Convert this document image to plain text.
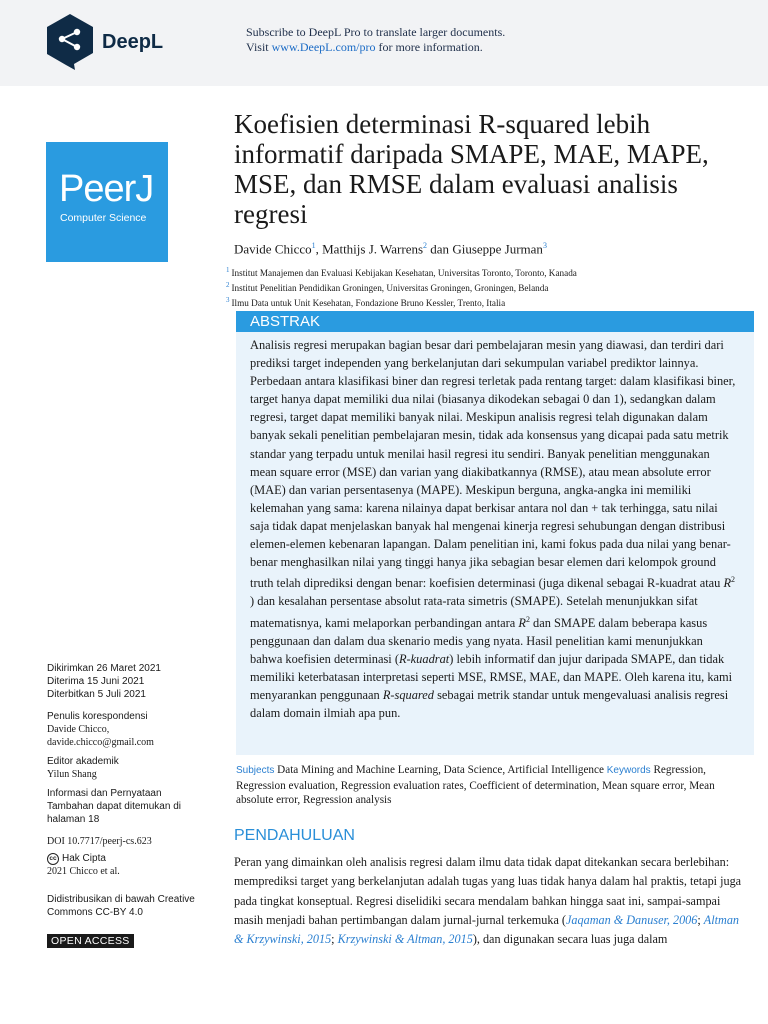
DeepL	Subscribe to DeepL Pro to translate larger documents.
Visit www.DeepL.com/pro for more information.
PeerJ
Computer Science
Koefisien determinasi R-squared lebih informatif daripada SMAPE, MAE, MAPE, MSE, dan RMSE dalam evaluasi analisis regresi
Davide Chicco$^1$, Matthijs J. Warrens$^2$ dan Giuseppe Jurman$^3$
$^1$ Institut Manajemen dan Evaluasi Kebijakan Kesehatan, Universitas Toronto, Toronto, Kanada
$^2$ Institut Penelitian Pendidikan Groningen, Universitas Groningen, Groningen, Belanda
$^3$ Ilmu Data untuk Unit Kesehatan, Fondazione Bruno Kessler, Trento, Italia
ABSTRAK
Analisis regresi merupakan bagian besar dari pembelajaran mesin yang diawasi, dan terdiri dari prediksi target independen yang berkelanjutan dari sekumpulan variabel prediktor lainnya. Perbedaan antara klasifikasi biner dan regresi terletak pada rentang target: dalam klasifikasi biner, target hanya dapat memiliki dua nilai (biasanya dikodekan sebagai 0 dan 1), sedangkan dalam regresi, target dapat memiliki banyak nilai. Meskipun analisis regresi telah digunakan dalam banyak sekali penelitian pembelajaran mesin, tidak ada konsensus yang dicapai pada satu metrik standar yang terpadu untuk menilai hasil regresi itu sendiri. Banyak penelitian menggunakan mean square error (MSE) dan varian yang diakibatkannya (RMSE), atau mean absolute error (MAE) dan varian persentasenya (MAPE). Meskipun berguna, angka-angka ini memiliki kelemahan yang sama: karena nilainya dapat berkisar antara nol dan + tak terhingga, satu nilai saja tidak dapat menjelaskan banyak hal mengenai kinerja regresi sehubungan dengan distribusi elemen-elemen kebenaran lapangan. Dalam penelitian ini, kami fokus pada dua nilai yang benar-benar menghasilkan nilai yang tinggi hanya jika sebagian besar elemen dari kelompok ground truth telah diprediksi dengan benar: koefisien determinasi (juga dikenal sebagai R-kuadrat atau $R^2$ ) dan kesalahan persentase absolut rata-rata simetris (SMAPE). Setelah menunjukkan sifat matematisnya, kami melaporkan perbandingan antara $R^2$ dan SMAPE dalam beberapa kasus penggunaan dan dalam dua skenario medis yang nyata. Hasil penelitian kami menunjukkan bahwa koefisien determinasi (R-kuadrat) lebih informatif dan jujur daripada SMAPE, dan tidak memiliki keterbatasan interpretasi seperti MSE, RMSE, MAE, dan MAPE. Oleh karena itu, kami menyarankan penggunaan R-squared sebagai metrik standar untuk mengevaluasi analisis regresi dalam domain ilmiah apa pun.
Subjects Data Mining and Machine Learning, Data Science, Artificial Intelligence Keywords Regression, Regression evaluation, Regression evaluation rates, Coefficient of determination, Mean square error, Mean absolute error, Regression analysis
PENDAHULUAN
Peran yang dimainkan oleh analisis regresi dalam ilmu data tidak dapat ditekankan secara berlebihan: memprediksi target yang berkelanjutan adalah tugas yang luas tidak hanya dalam hal praktis, tetapi juga pada tingkat konseptual. Regresi diselidiki secara mendalam bahkan hingga saat ini, sampai-sampai masih menjadi bahan pertimbangan dalam jurnal-jurnal terkemuka (Jaqaman & Danuser, 2006; Altman & Krzywinski, 2015; Krzywinski & Altman, 2015), dan digunakan secara luas juga dalam
Dikirimkan 26 Maret 2021
Diterima 15 Juni 2021
Diterbitkan 5 Juli 2021
Penulis korespondensi
Davide Chicco,
davide.chicco@gmail.com
Editor akademik
Yilun Shang
Informasi dan Pernyataan Tambahan dapat ditemukan di halaman 18
DOI 10.7717/peerj-cs.623
cc Hak Cipta
2021 Chicco et al.
Didistribusikan di bawah Creative Commons CC-BY 4.0
OPEN ACCESS
